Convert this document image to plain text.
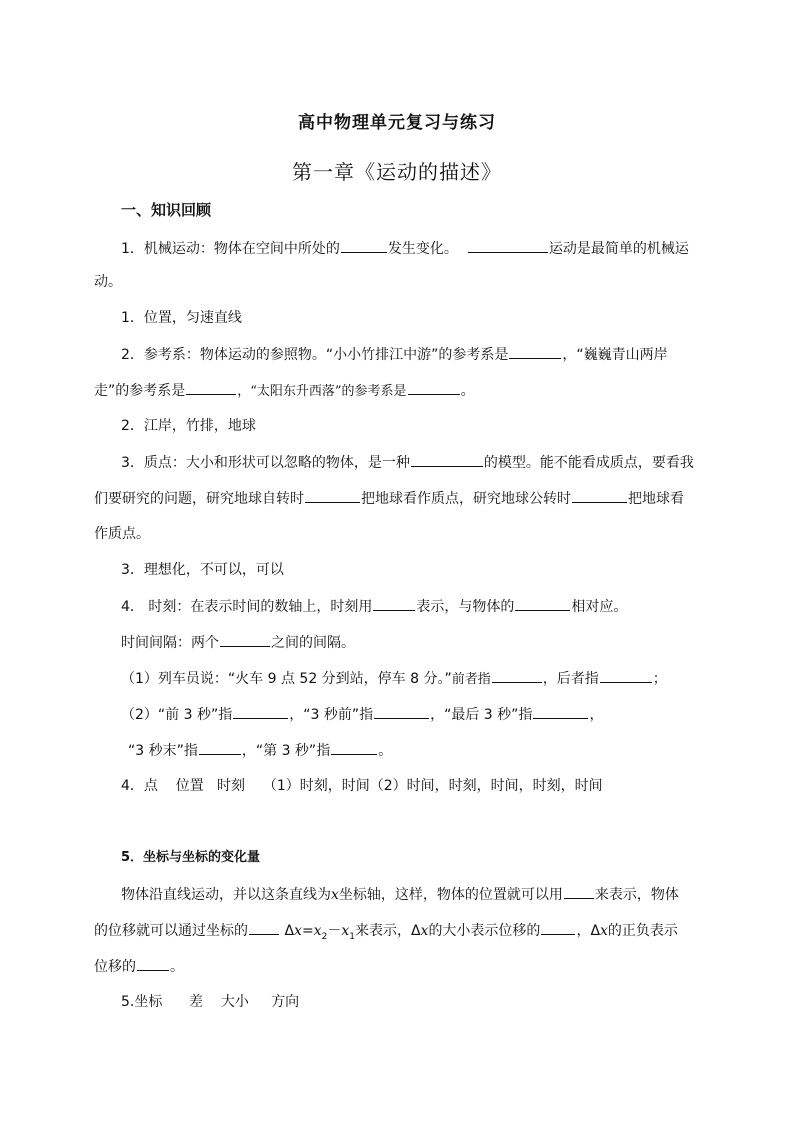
高中物理单元复习与练习
第一章《运动的描述》
一、知识回顾
1．机械运动：物体在空间中所处的	发生变化。	运动是最简单的机械运
动。
1．位置，匀速直线
2．参考系：物体运动的参照物。“小小竹排江中游”的参考系是	，“巍巍青山两岸
走”的参考系是	，“太阳东升西落”的参考系是	。
2．江岸，竹排，地球
3．质点：大小和形状可以忽略的物体，是一种	的模型。能不能看成质点，要看我
们要研究的问题，研究地球自转时	把地球看作质点，研究地球公转时	把地球看
作质点。
3．理想化，不可以，可以
4． 时刻：在表示时间的数轴上，时刻用	表示，与物体的	相对应。
时间间隔：两个	之间的间隔。
（1）列车员说：“火车 9 点 52 分到站，停车 8 分。”前者指	，后者指	；
（2）“前 3 秒”指	，“3 秒前”指	，“最后 3 秒”指	，
“3 秒末”指	，“第 3 秒”指	。
4．点    位置   时刻    （1）时刻，时间（2）时间，时刻，时间，时刻，时间
5．坐标与坐标的变化量
物体沿直线运动，并以这条直线为x坐标轴，这样，物体的位置就可以用 来表示，物体
的位移就可以通过坐标的	$\Delta x=x_2-x_1$来表示，Δx的大小表示位移的	，Δx的正负表示
位移的 。
5.坐标      差    大小     方向
